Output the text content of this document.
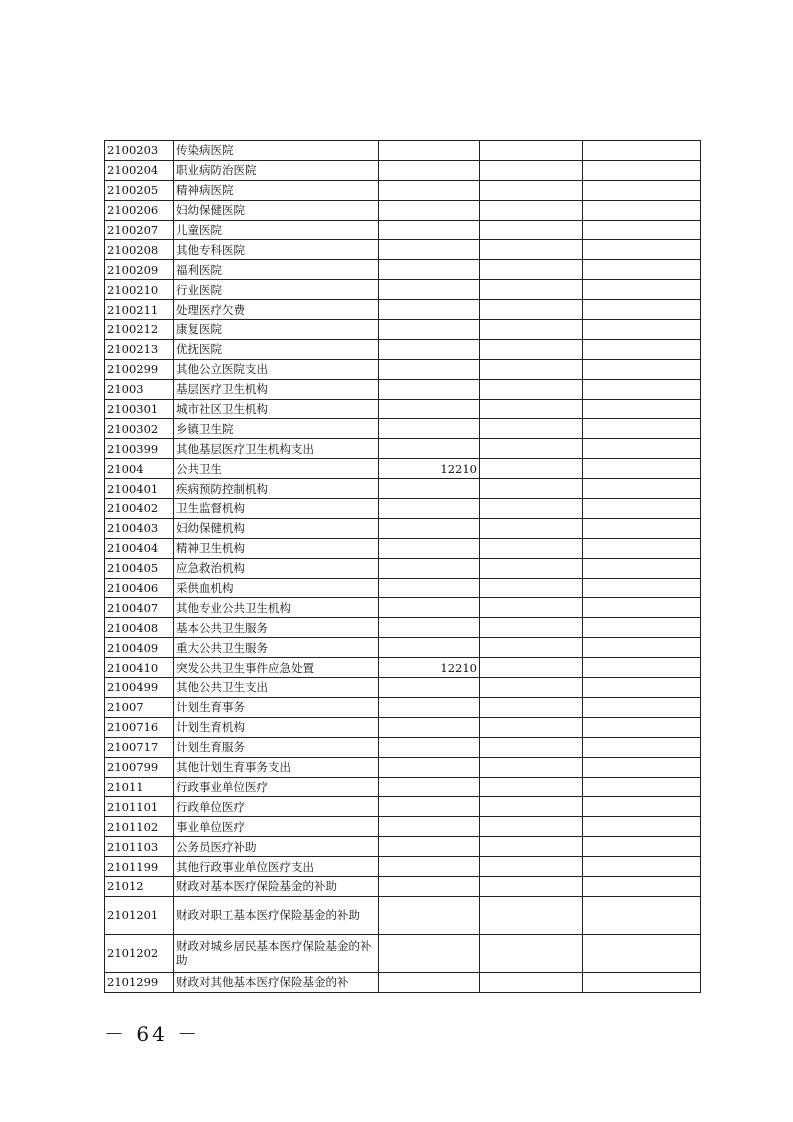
2100203	传染病医院			
2100204	职业病防治医院			
2100205	精神病医院			
2100206	妇幼保健医院			
2100207	儿童医院			
2100208	其他专科医院			
2100209	福利医院			
2100210	行业医院			
2100211	处理医疗欠费			
2100212	康复医院			
2100213	优抚医院			
2100299	其他公立医院支出			
21003	基层医疗卫生机构			
2100301	城市社区卫生机构			
2100302	乡镇卫生院			
2100399	其他基层医疗卫生机构支出			
21004	公共卫生	12210		
2100401	疾病预防控制机构			
2100402	卫生监督机构			
2100403	妇幼保健机构			
2100404	精神卫生机构			
2100405	应急救治机构			
2100406	采供血机构			
2100407	其他专业公共卫生机构			
2100408	基本公共卫生服务			
2100409	重大公共卫生服务			
2100410	突发公共卫生事件应急处置	12210		
2100499	其他公共卫生支出			
21007	计划生育事务			
2100716	计划生育机构			
2100717	计划生育服务			
2100799	其他计划生育事务支出			
21011	行政事业单位医疗			
2101101	行政单位医疗			
2101102	事业单位医疗			
2101103	公务员医疗补助			
2101199	其他行政事业单位医疗支出			
21012	财政对基本医疗保险基金的补助			
2101201	财政对职工基本医疗保险基金的补助			
2101202	财政对城乡居民基本医疗保险基金的补助			
2101299	财政对其他基本医疗保险基金的补			
－ 64 －
